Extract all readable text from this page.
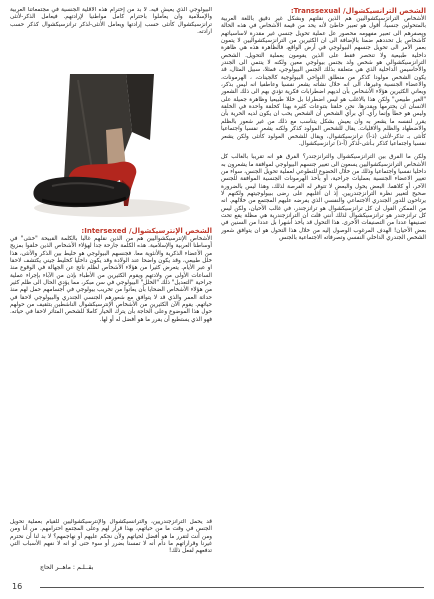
الشخص الترانسيكشوال/ Transsexual:

الأشخاص الترانزسيكشواليين هم الذين نقلتهم وبشكل غير دقيق باللغة العربية بالمتحولين جنسيا، أقول هو تعبير خاطئ لأنه يحد من قيمة الأشخاص في هذه الحالة ويصفرهم الى تعبير مفهومه محصور عل عملية تحويل جنسي غير مقدرة لاساسياتهم كأشخاص بل تحددهم ضمنا بالإضافة الى ان الكثيرين من الترانزسيكشواليين لا يتمون بعمر الأمر الى تحويل جنسهم البيولوجي في أرض الواقع، فالظاهرة هذه هي ظاهرة داخلية طبيعية ولا تنحصر فقط على الذين يقومون بعملية التحويل. الشخص الترانزسيكشوالي هو شخص ولد بجنس بيولوجي معين ولكنه لا ينتمي الى الجندر والأحاسيس الداخلية الذي هي متعلقة بذلك الجنس البيولوجي، فمثلا، سبيل المثال، قد يكون الشخص مولودا كذكر من منطلق النواحي البيولوجية كالجينات، ، الهرمونات، والاعضاء الجنسية وغيرها، الى انه خلال نشأته يشعر نفسيا وعاطفيا انه ليس بذكر، ويعاني الكثيرين هؤلاء الأشخاص بأن لديهم اضطرابات فكرية تؤدي بهم الى ذلك الشعور "الغير طبيعي" ولكن هذا بالاغلب هو ليس اضطرابا بل خللا طبيعيا وظاهرة جميلة على الانسان ان يحترمها ويقدرها. نحن خلقنا بتنوعات كثيرة بهذا كخلقة واحدة في الخلقة وليس هو خطأ وإنما رأي. أي برأي الشخص ان الشخص يحب ان يكون لديه الحرية بأن يقرر لنفسه ما يشعر به وان يعيش بشكل يتناسب مع ذلك من غير شعور بالظلم والاضطهاد والظلم والاقليات. يقال للشخص المولود كذكر ولكنه يشعر نفسيا واجتماعيا كأنثى بـ تذكر-لأنثى (ذ-أ) ترانزسيكشوال، ويقال للشخص المولود كأنثى ولكن يشعر نفسيا واجتماعيا كذكر بـأنثى-لذكر (أ-ذ) ترانزسيكشوال.

ولكن ما الفرق بين الترانزسيكشوال والترانزجندر؟ الفرق هو انه تقريبا بالغالب كل الأشخاص الترانزسيكشواليين يسعون الى تغيير جنسهم البيولوجي لموافقة ما يشعرون به داخليا نفسيا واجتماعيا وذلك من خلال الخضوع للتطوعي لعملية تحويل الجنس، سواء من تغيير الاعضاء الجنسية بعمليات جراحية، أو بأخذ الهرمونات الجنسية الموافقة للجنس الآخر، أو كلاهما. البعض يحول والبعض لا تتوفر له الفرصة لذلك، وهذا ليس بالضرورة صحيح لتغيير نظرة الترانزجندريين. إذ ان اغلبهم على رضى ببيولوجيتهم ولكنهم لا يرتاحون للدور الجندري الاجتماعي والنفسي الذي يفرضه عليهم المجتمع من خلالهم. انه من الممكن القول ان كل ترانزسيكشوال هو ترانزجندر، في غالب الأحيان، ولكن ليس كل ترانزجندر هو ترانزسيكشوال لذلك أنني قلت ان الترانزجندرية هي مظلة يقع تحت تصنيفها عددا من التصنيفات الأخرى. هذا التحول قد يأخذ أشهرا بل عددا من السنين في بعض الأحيان! الهدف المرغوب الوصول إليه من خلال هذا التحول هو ان يتوافق شعور الشخص الجندري الداخلي النفسي وتصرفاته الاجتماعية بالجنس

البيولوجي الذي يعيش فيه. لا بد من إحترام هذه الأقلية الجنسية في مجتمعاتنا العربية والإسلامية وان يعاملوا باحترام كامل مواطنيا لإرادتهم. فيعامل الذكر-لأنثى ترانزسيكشوال كأنثى حسب إرادتها ويعامل الأنثى-لذكر ترانزسيكشوال كذكر حسب ارادته.

الشخص الإنترسيكشوال/ Intersexed:

الأشخاص الإنترسيكشواليين هم من الذين نقلهم غالبا بالكلمة القبيحة "خنثى" في أوساطنا العربية والإسلامية. هذه الكلمة جارحة جدا لهؤلاء الأشخاص الذين خلقوا بمزيج من الأعضاء الذكرية والأنثوية معا. فجنسهم البيولوجي هو خليط بين الذكر والأنثى، هذا خلل طبيعي، وقد يكون واضحا عند الولادة وقد يكون داخليا كخليط جيني يكتشف لاحقا او عبر الأيام. يتعرض كثيرا من هؤلاء الأشخاص لظلم ناتج عن الجهالة في الوقوع منذ الساعات الأولى من ولادتهم ويقوم الكثيرين من الأطباء بإذن من الآباء بإجراء عملية جراحية "التعديل" ذلك "الخلل" البيولوجي في سن مبكر، مما يؤدي الحال الى ظلم كثير من هؤلاء الأشخاص الضحايا بأن يعانوا من تخريب بيولوجي في أجسامهم حمل لهم منذ حداثة العمر والذي قد لا يتوافق مع شعورهم الجنسي الجندري والبيولوجي لاحقا في حياتهم. يقوم الآن الكثيرين من الأشخاص الإنترسيكشوال الناشطين بتثقيف من حولهم حول هذا الموضوع وعلى الحاجة بأن يترك الخيار كاملا للشخص المتأثر لاحقا في حياته. فهو الذي يستطيع أن يقرر ما هو أفضل له أو لها.

قد يحمل الترانزجندريين، والترانسيكشوال والإنترسيكشواليين للقيام بعملية تحويل الجنس في وقت ما من حياتهم، بهذا قرار لهم وعلى المجتمع احترامهم. من أنا ومن ومن أنت لتقرر ما هو أفضل لحياتهم ولأن نحكم عليهم أو نهاجمهم؟ لا بد لنا أن نحترم غيرنا وقراراتهم ما دام أنه لا تمسنا بضرر أو سوء حتى لو انه لا نفهم الأسباب التي تدفعهم لفعل ذلك!

بقــلـم : ماهــر الحاج
16
